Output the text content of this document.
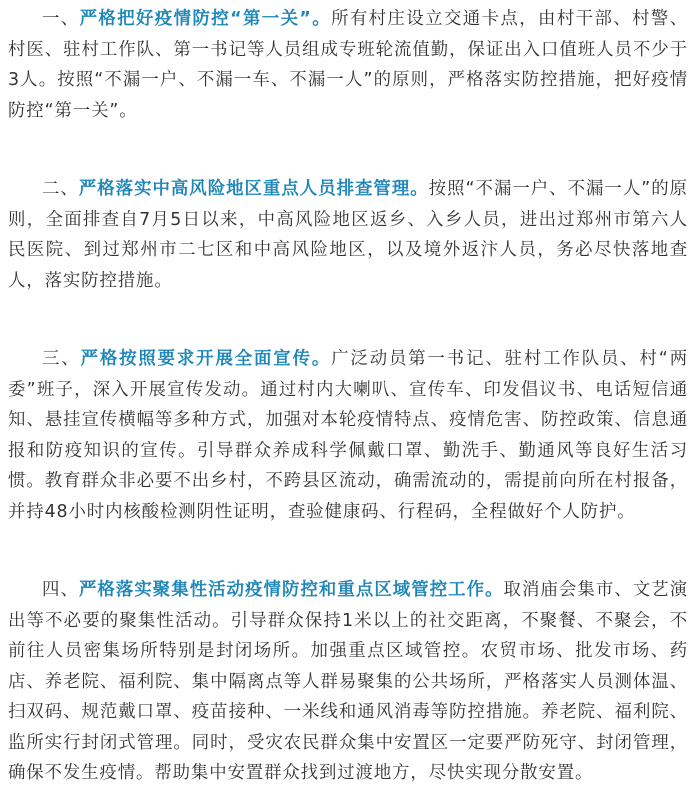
一、严格把好疫情防控“第一关”。所有村庄设立交通卡点，由村干部、村警、村医、驻村工作队、第一书记等人员组成专班轮流值勤，保证出入口值班人员不少于3人。按照“不漏一户、不漏一车、不漏一人”的原则，严格落实防控措施，把好疫情防控“第一关”。

二、严格落实中高风险地区重点人员排查管理。按照“不漏一户、不漏一人”的原则，全面排查自7月5日以来，中高风险地区返乡、入乡人员，进出过郑州市第六人民医院、到过郑州市二七区和中高风险地区，以及境外返汴人员，务必尽快落地查人，落实防控措施。

三、严格按照要求开展全面宣传。广泛动员第一书记、驻村工作队员、村“两委”班子，深入开展宣传发动。通过村内大喇叭、宣传车、印发倡议书、电话短信通知、悬挂宣传横幅等多种方式，加强对本轮疫情特点、疫情危害、防控政策、信息通报和防疫知识的宣传。引导群众养成科学佩戴口罩、勤洗手、勤通风等良好生活习惯。教育群众非必要不出乡村，不跨县区流动，确需流动的，需提前向所在村报备，并持48小时内核酸检测阴性证明，查验健康码、行程码，全程做好个人防护。

四、严格落实聚集性活动疫情防控和重点区域管控工作。取消庙会集市、文艺演出等不必要的聚集性活动。引导群众保持1米以上的社交距离，不聚餐、不聚会，不前往人员密集场所特别是封闭场所。加强重点区域管控。农贸市场、批发市场、药店、养老院、福利院、集中隔离点等人群易聚集的公共场所，严格落实人员测体温、扫双码、规范戴口罩、疫苗接种、一米线和通风消毒等防控措施。养老院、福利院、监所实行封闭式管理。同时，受灾农民群众集中安置区一定要严防死守、封闭管理，确保不发生疫情。帮助集中安置群众找到过渡地方，尽快实现分散安置。
